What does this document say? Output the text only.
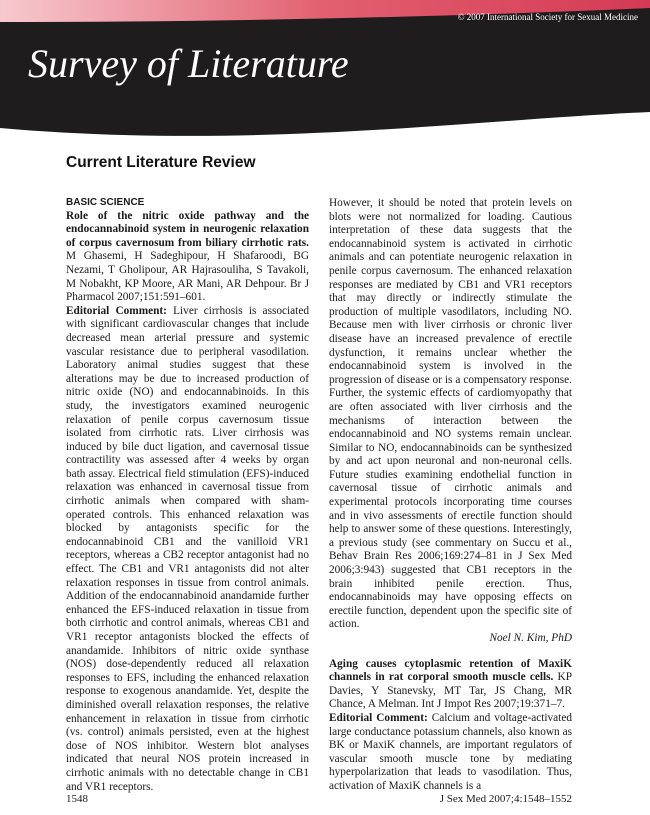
© 2007 International Society for Sexual Medicine
Survey of Literature
Current Literature Review

BASIC SCIENCE

Role of the nitric oxide pathway and the endocannabinoid system in neurogenic relaxation of corpus cavernosum from biliary cirrhotic rats. M Ghasemi, H Sadeghipour, H Shafaroodi, BG Nezami, T Gholipour, AR Hajrasouliha, S Tavakoli, M Nobakht, KP Moore, AR Mani, AR Dehpour. Br J Pharmacol 2007;151:591–601.

Editorial Comment: Liver cirrhosis is associated with significant cardiovascular changes that include decreased mean arterial pressure and systemic vascular resistance due to peripheral vasodilation. Laboratory animal studies suggest that these alterations may be due to increased production of nitric oxide (NO) and endocannabinoids. In this study, the investigators examined neurogenic relaxation of penile corpus cavernosum tissue isolated from cirrhotic rats. Liver cirrhosis was induced by bile duct ligation, and cavernosal tissue contractility was assessed after 4 weeks by organ bath assay. Electrical field stimulation (EFS)-induced relaxation was enhanced in cavernosal tissue from cirrhotic animals when compared with sham-operated controls. This enhanced relaxation was blocked by antagonists specific for the endocannabinoid CB1 and the vanilloid VR1 receptors, whereas a CB2 receptor antagonist had no effect. The CB1 and VR1 antagonists did not alter relaxation responses in tissue from control animals. Addition of the endocannabinoid anandamide further enhanced the EFS-induced relaxation in tissue from both cirrhotic and control animals, whereas CB1 and VR1 receptor antagonists blocked the effects of anandamide. Inhibitors of nitric oxide synthase (NOS) dose-dependently reduced all relaxation responses to EFS, including the enhanced relaxation response to exogenous anandamide. Yet, despite the diminished overall relaxation responses, the relative enhancement in relaxation in tissue from cirrhotic (vs. control) animals persisted, even at the highest dose of NOS inhibitor. Western blot analyses indicated that neural NOS protein increased in cirrhotic animals with no detectable change in CB1 and VR1 receptors.

However, it should be noted that protein levels on blots were not normalized for loading. Cautious interpretation of these data suggests that the endocannabinoid system is activated in cirrhotic animals and can potentiate neurogenic relaxation in penile corpus cavernosum. The enhanced relaxation responses are mediated by CB1 and VR1 receptors that may directly or indirectly stimulate the production of multiple vasodilators, including NO. Because men with liver cirrhosis or chronic liver disease have an increased prevalence of erectile dysfunction, it remains unclear whether the endocannabinoid system is involved in the progression of disease or is a compensatory response. Further, the systemic effects of cardiomyopathy that are often associated with liver cirrhosis and the mechanisms of interaction between the endocannabinoid and NO systems remain unclear. Similar to NO, endocannabinoids can be synthesized by and act upon neuronal and non-neuronal cells. Future studies examining endothelial function in cavernosal tissue of cirrhotic animals and experimental protocols incorporating time courses and in vivo assessments of erectile function should help to answer some of these questions. Interestingly, a previous study (see commentary on Succu et al., Behav Brain Res 2006;169:274–81 in J Sex Med 2006;3:943) suggested that CB1 receptors in the brain inhibited penile erection. Thus, endocannabinoids may have opposing effects on erectile function, dependent upon the specific site of action.

Noel N. Kim, PhD

Aging causes cytoplasmic retention of MaxiK channels in rat corporal smooth muscle cells. KP Davies, Y Stanevsky, MT Tar, JS Chang, MR Chance, A Melman. Int J Impot Res 2007;19:371–7.

Editorial Comment: Calcium and voltage-activated large conductance potassium channels, also known as BK or MaxiK channels, are important regulators of vascular smooth muscle tone by mediating hyperpolarization that leads to vasodilation. Thus, activation of MaxiK channels is a

1548	J Sex Med 2007;4:1548–1552
